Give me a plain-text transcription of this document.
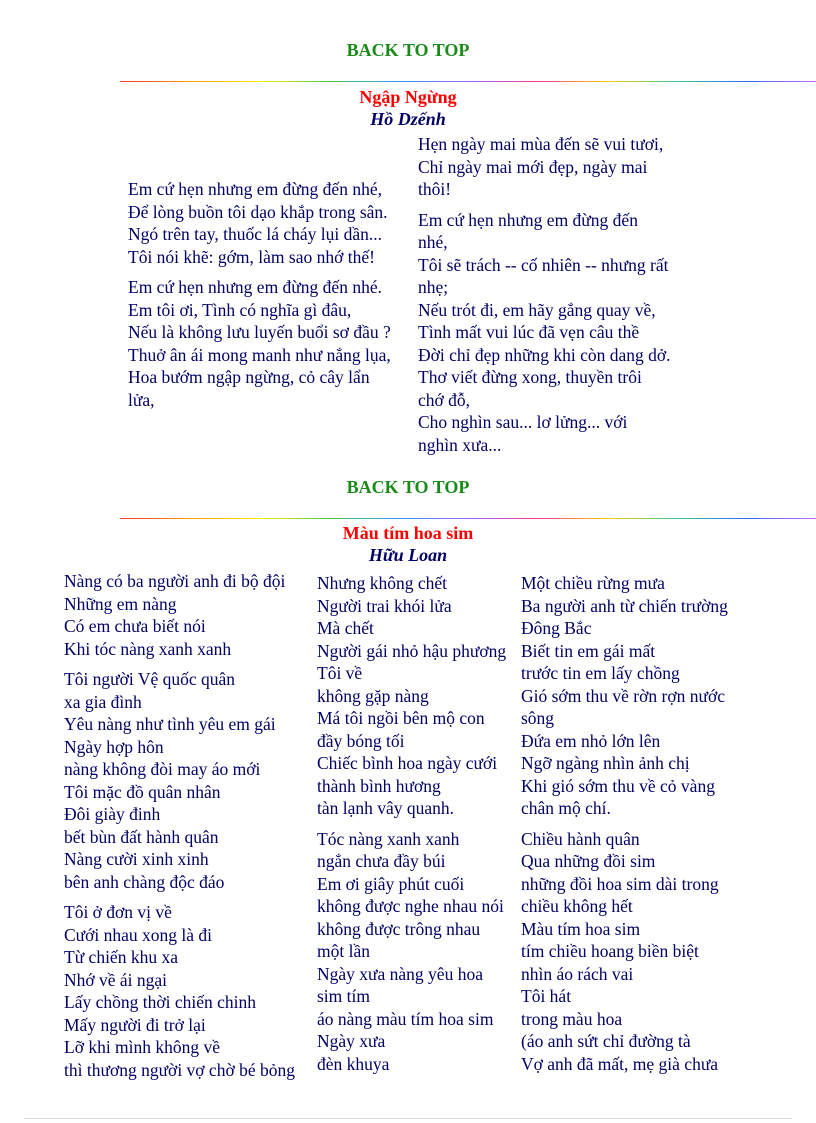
BACK TO TOP
Ngập Ngừng
Hồ Dzếnh
Em cứ hẹn nhưng em đừng đến nhé,
Để lòng buồn tôi dạo khắp trong sân.
Ngó trên tay, thuốc lá cháy lụi dần...
Tôi nói khẽ: gớm, làm sao nhớ thế!
Em cứ hẹn nhưng em đừng đến nhé.
Em tôi ơi, Tình có nghĩa gì đâu,
Nếu là không lưu luyến buổi sơ đầu ?
Thuở ân ái mong manh như nắng lụa,
Hoa bướm ngập ngừng, cỏ cây lẩn
lửa,
Hẹn ngày mai mùa đến sẽ vui tươi,
Chỉ ngày mai mới đẹp, ngày mai
thôi!
Em cứ hẹn nhưng em đừng đến
nhé,
Tôi sẽ trách -- cố nhiên -- nhưng rất
nhẹ;
Nếu trót đi, em hãy gắng quay về,
Tình mất vui lúc đã vẹn câu thề
Đời chỉ đẹp những khi còn dang dở.
Thơ viết đừng xong, thuyền trôi
chớ đỗ,
Cho nghìn sau... lơ lửng... với
nghìn xưa...
BACK TO TOP
Màu tím hoa sim
Hữu Loan
Nàng có ba người anh đi bộ đội
Những em nàng
Có em chưa biết nói
Khi tóc nàng xanh xanh
Tôi người Vệ quốc quân
xa gia đình
Yêu nàng như tình yêu em gái
Ngày hợp hôn
nàng không đòi may áo mới
Tôi mặc đồ quân nhân
Đôi giày đinh
bết bùn đất hành quân
Nàng cười xinh xinh
bên anh chàng độc đáo
Tôi ở đơn vị về
Cưới nhau xong là đi
Từ chiến khu xa
Nhớ về ái ngại
Lấy chồng thời chiến chinh
Mấy người đi trở lại
Lỡ khi mình không về
thì thương người vợ chờ bé bỏng
Nhưng không chết
Người trai khói lửa
Mà chết
Người gái nhỏ hậu phương
Tôi về
không gặp nàng
Má tôi ngồi bên mộ con
đầy bóng tối
Chiếc bình hoa ngày cưới
thành bình hương
tàn lạnh vây quanh.
Tóc nàng xanh xanh
ngắn chưa đầy búi
Em ơi giây phút cuối
không được nghe nhau nói
không được trông nhau
một lần
Ngày xưa nàng yêu hoa
sim tím
áo nàng màu tím hoa sim
Ngày xưa
đèn khuya
Một chiều rừng mưa
Ba người anh từ chiến trường
Đông Bắc
Biết tin em gái mất
trước tin em lấy chồng
Gió sớm thu về rờn rợn nước
sông
Đứa em nhỏ lớn lên
Ngỡ ngàng nhìn ảnh chị
Khi gió sớm thu về cỏ vàng
chân mộ chí.
Chiều hành quân
Qua những đồi sim
những đồi hoa sim dài trong
chiều không hết
Màu tím hoa sim
tím chiều hoang biền biệt
nhìn áo rách vai
Tôi hát
trong màu hoa
(áo anh sứt chỉ đường tà
Vợ anh đã mất, mẹ già chưa
